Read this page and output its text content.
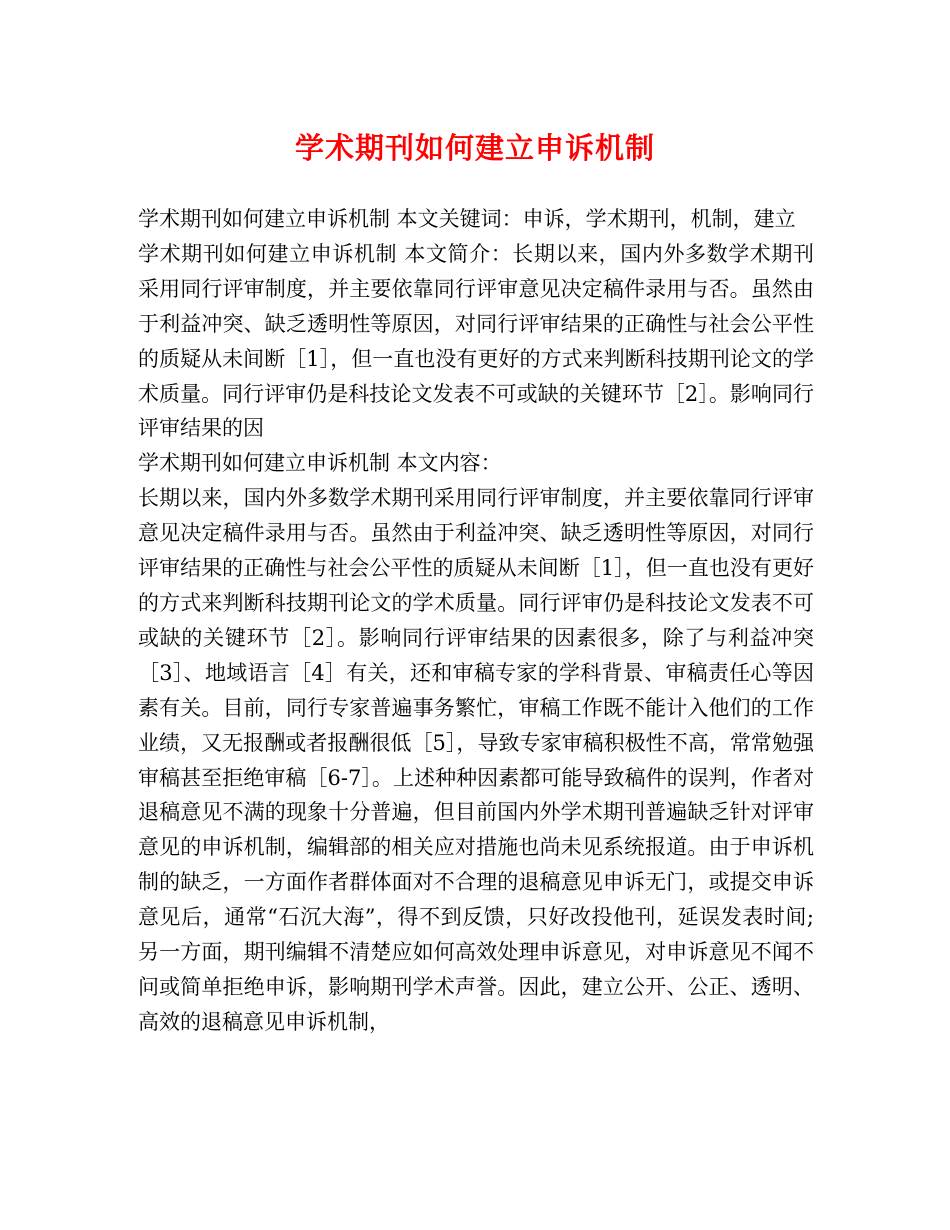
学术期刊如何建立申诉机制

学术期刊如何建立申诉机制 本文关键词：申诉，学术期刊，机制，建立

学术期刊如何建立申诉机制 本文简介：长期以来，国内外多数学术期刊采用同行评审制度，并主要依靠同行评审意见决定稿件录用与否。虽然由于利益冲突、缺乏透明性等原因，对同行评审结果的正确性与社会公平性的质疑从未间断［1］，但一直也没有更好的方式来判断科技期刊论文的学术质量。同行评审仍是科技论文发表不可或缺的关键环节［2］。影响同行评审结果的因

学术期刊如何建立申诉机制 本文内容：

长期以来，国内外多数学术期刊采用同行评审制度，并主要依靠同行评审意见决定稿件录用与否。虽然由于利益冲突、缺乏透明性等原因，对同行评审结果的正确性与社会公平性的质疑从未间断［1］，但一直也没有更好的方式来判断科技期刊论文的学术质量。同行评审仍是科技论文发表不可或缺的关键环节［2］。影响同行评审结果的因素很多，除了与利益冲突［3］、地域语言［4］有关，还和审稿专家的学科背景、审稿责任心等因素有关。目前，同行专家普遍事务繁忙，审稿工作既不能计入他们的工作业绩，又无报酬或者报酬很低［5］，导致专家审稿积极性不高，常常勉强审稿甚至拒绝审稿［6-7］。上述种种因素都可能导致稿件的误判，作者对退稿意见不满的现象十分普遍，但目前国内外学术期刊普遍缺乏针对评审意见的申诉机制，编辑部的相关应对措施也尚未见系统报道。由于申诉机制的缺乏，一方面作者群体面对不合理的退稿意见申诉无门，或提交申诉意见后，通常“石沉大海”，得不到反馈，只好改投他刊，延误发表时间;另一方面，期刊编辑不清楚应如何高效处理申诉意见，对申诉意见不闻不问或简单拒绝申诉，影响期刊学术声誉。因此，建立公开、公正、透明、高效的退稿意见申诉机制，
